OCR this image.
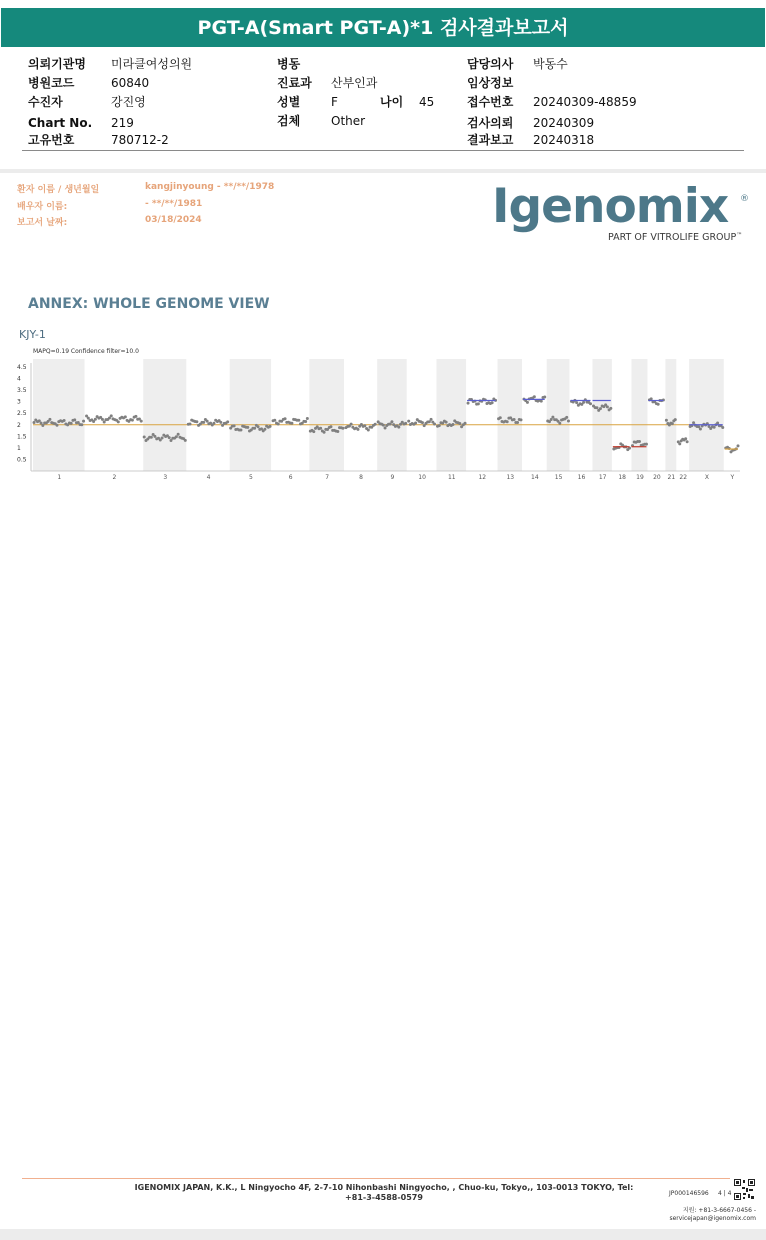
PGT-A(Smart PGT-A)*1 검사결과보고서
의뢰기관명 미라클여성의원
병원코드	60840
수진자	강진영
Chart No. 219
고유번호	780712-2
병동
진료과 산부인과
성별	F	나이 45
검체	Other
담당의사 박동수
임상정보
접수번호 20240309-48859
검사의뢰 20240309
결과보고 20240318
환자 이름 / 생년월일	kangjinyoung - **/**/1978
배우자 이름:	- **/**/1981
보고서 날짜:	03/18/2024	Igenomix ®
PART OF VITROLIFE GROUP™
ANNEX: WHOLE GENOME VIEW
KJY-1
MAPQ=0.19 Confidence filter=10.0
0.5
1
1.5
2
2.5
3
3.5
4
4.5
1	2	3	4	5	6	7	8	9	10	11	12	13	14	15	16 17 18 19 20 21 22	X	Y
IGENOMIX JAPAN, K.K., L Ningyocho 4F, 2-7-10 Nihonbashi Ningyocho, , Chuo-ku, Tokyo,, 103-0013 TOKYO, Tel: +81-3-4588-0579	JP000146596 4 | 4
지원: +81-3-6667-0456 -
servicejapan@igenomix.com
